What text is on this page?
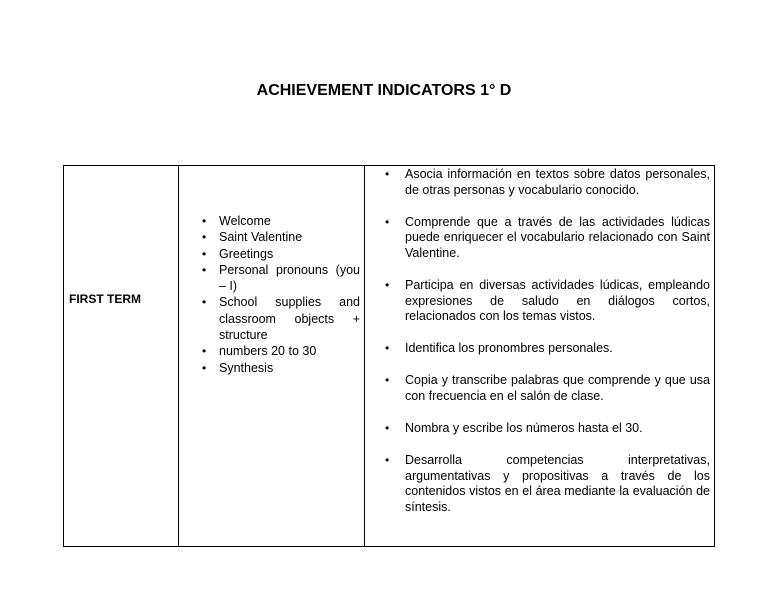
ACHIEVEMENT INDICATORS 1° D
FIRST TERM
• Welcome
• Saint Valentine
• Greetings
• Personal pronouns (you – I)
• School supplies and classroom objects + structure
• numbers 20 to 30
• Synthesis
• Asocia información en textos sobre datos personales, de otras personas y vocabulario conocido.
• Comprende que a través de las actividades lúdicas puede enriquecer el vocabulario relacionado con Saint Valentine.
• Participa en diversas actividades lúdicas, empleando expresiones de saludo en diálogos cortos, relacionados con los temas vistos.
• Identifica los pronombres personales.
• Copia y transcribe palabras que comprende y que usa con frecuencia en el salón de clase.
• Nombra y escribe los números hasta el 30.
• Desarrolla competencias interpretativas, argumentativas y propositivas a través de los contenidos vistos en el área mediante la evaluación de síntesis.
